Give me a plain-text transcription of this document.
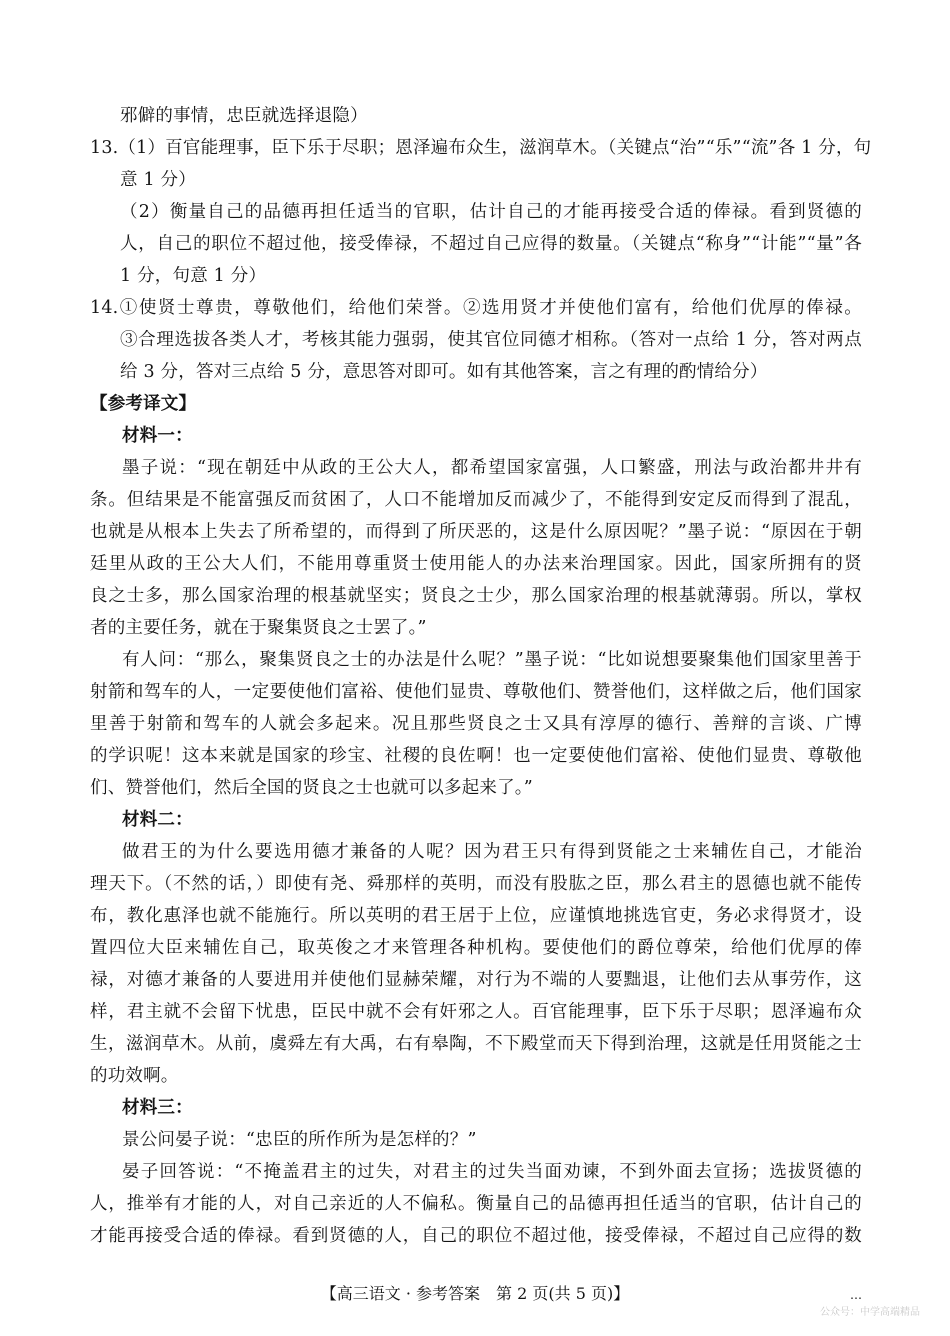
邪僻的事情，忠臣就选择退隐）
13.（1）百官能理事，臣下乐于尽职；恩泽遍布众生，滋润草木。（关键点“治”“乐”“流”各 1 分，句
意 1 分）
（2）衡量自己的品德再担任适当的官职，估计自己的才能再接受合适的俸禄。看到贤德的
人，自己的职位不超过他，接受俸禄，不超过自己应得的数量。（关键点“称身”“计能”“量”各
1 分，句意 1 分）
14.①使贤士尊贵，尊敬他们，给他们荣誉。②选用贤才并使他们富有，给他们优厚的俸禄。
③合理选拔各类人才，考核其能力强弱，使其官位同德才相称。（答对一点给 1 分，答对两点
给 3 分，答对三点给 5 分，意思答对即可。如有其他答案，言之有理的酌情给分）
【参考译文】
材料一：
墨子说：“现在朝廷中从政的王公大人，都希望国家富强，人口繁盛，刑法与政治都井井有
条。但结果是不能富强反而贫困了，人口不能增加反而减少了，不能得到安定反而得到了混乱，
也就是从根本上失去了所希望的，而得到了所厌恶的，这是什么原因呢？”墨子说：“原因在于朝
廷里从政的王公大人们，不能用尊重贤士使用能人的办法来治理国家。因此，国家所拥有的贤
良之士多，那么国家治理的根基就坚实；贤良之士少，那么国家治理的根基就薄弱。所以，掌权
者的主要任务，就在于聚集贤良之士罢了。”
有人问：“那么，聚集贤良之士的办法是什么呢？”墨子说：“比如说想要聚集他们国家里善于
射箭和驾车的人，一定要使他们富裕、使他们显贵、尊敬他们、赞誉他们，这样做之后，他们国家
里善于射箭和驾车的人就会多起来。况且那些贤良之士又具有淳厚的德行、善辩的言谈、广博
的学识呢！这本来就是国家的珍宝、社稷的良佐啊！也一定要使他们富裕、使他们显贵、尊敬他
们、赞誉他们，然后全国的贤良之士也就可以多起来了。”
材料二：
做君王的为什么要选用德才兼备的人呢？因为君王只有得到贤能之士来辅佐自己，才能治
理天下。（不然的话，）即使有尧、舜那样的英明，而没有股肱之臣，那么君主的恩德也就不能传
布，教化惠泽也就不能施行。所以英明的君王居于上位，应谨慎地挑选官吏，务必求得贤才，设
置四位大臣来辅佐自己，取英俊之才来管理各种机构。要使他们的爵位尊荣，给他们优厚的俸
禄，对德才兼备的人要进用并使他们显赫荣耀，对行为不端的人要黜退，让他们去从事劳作，这
样，君主就不会留下忧患，臣民中就不会有奸邪之人。百官能理事，臣下乐于尽职；恩泽遍布众
生，滋润草木。从前，虞舜左有大禹，右有皋陶，不下殿堂而天下得到治理，这就是任用贤能之士
的功效啊。
材料三：
景公问晏子说：“忠臣的所作所为是怎样的？”
晏子回答说：“不掩盖君主的过失，对君主的过失当面劝谏，不到外面去宣扬；选拔贤德的
人，推举有才能的人，对自己亲近的人不偏私。衡量自己的品德再担任适当的官职，估计自己的
才能再接受合适的俸禄。看到贤德的人，自己的职位不超过他，接受俸禄，不超过自己应得的数
【高三语文 · 参考答案　第 2 页(共 5 页)】	…
公众号：中学高端精品
